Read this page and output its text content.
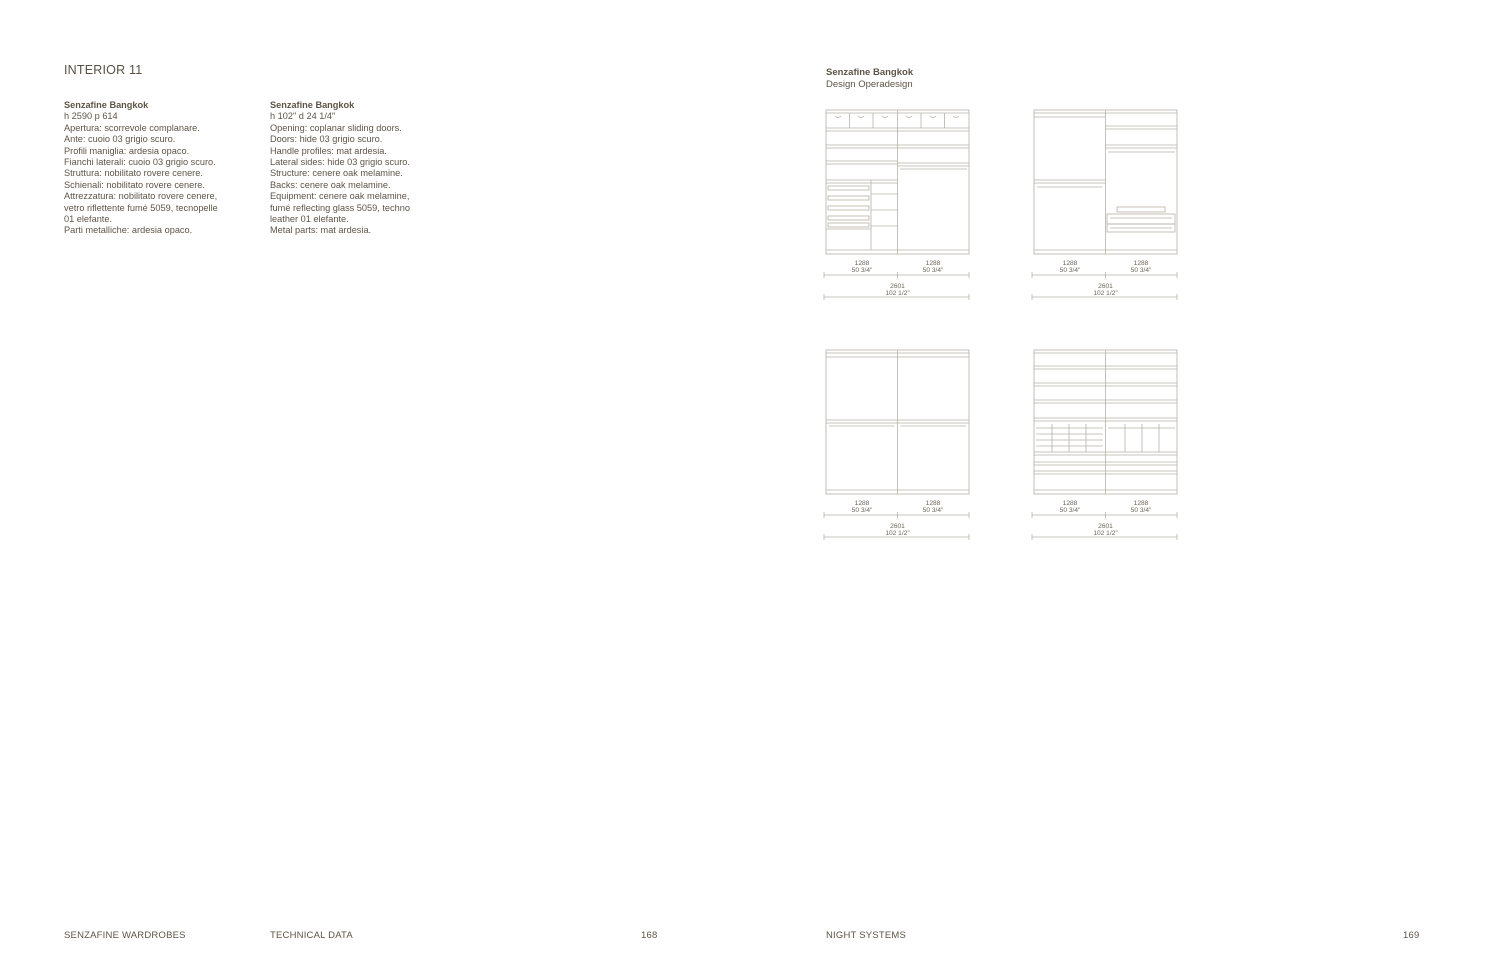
INTERIOR 11
Senzafine Bangkok
h 2590 p 614
Apertura: scorrevole complanare.
Ante: cuoio 03 grigio scuro.
Profili maniglia: ardesia opaco.
Fianchi laterali: cuoio 03 grigio scuro.
Struttura: nobilitato rovere cenere.
Schienali: nobilitato rovere cenere.
Attrezzatura: nobilitato rovere cenere,
vetro riflettente fumé 5059, tecnopelle
01 elefante.
Parti metalliche: ardesia opaco.
Senzafine Bangkok
h 102" d 24 1/4"
Opening: coplanar sliding doors.
Doors: hide 03 grigio scuro.
Handle profiles: mat ardesia.
Lateral sides: hide 03 grigio scuro.
Structure: cenere oak melamine.
Backs: cenere oak melamine.
Equipment: cenere oak melamine,
fumé reflecting glass 5059, techno
leather 01 elefante.
Metal parts: mat ardesia.
Senzafine Bangkok
Design Operadesign
1288
50 3/4"
1288
50 3/4"
2601
102 1/2"
1288
50 3/4"
1288
50 3/4"
2601
102 1/2"
1288
50 3/4"
1288
50 3/4"
2601
102 1/2"
1288
50 3/4"
1288
50 3/4"
2601
102 1/2"
SENZAFINE WARDROBES	TECHNICAL DATA	168	NIGHT SYSTEMS	169
